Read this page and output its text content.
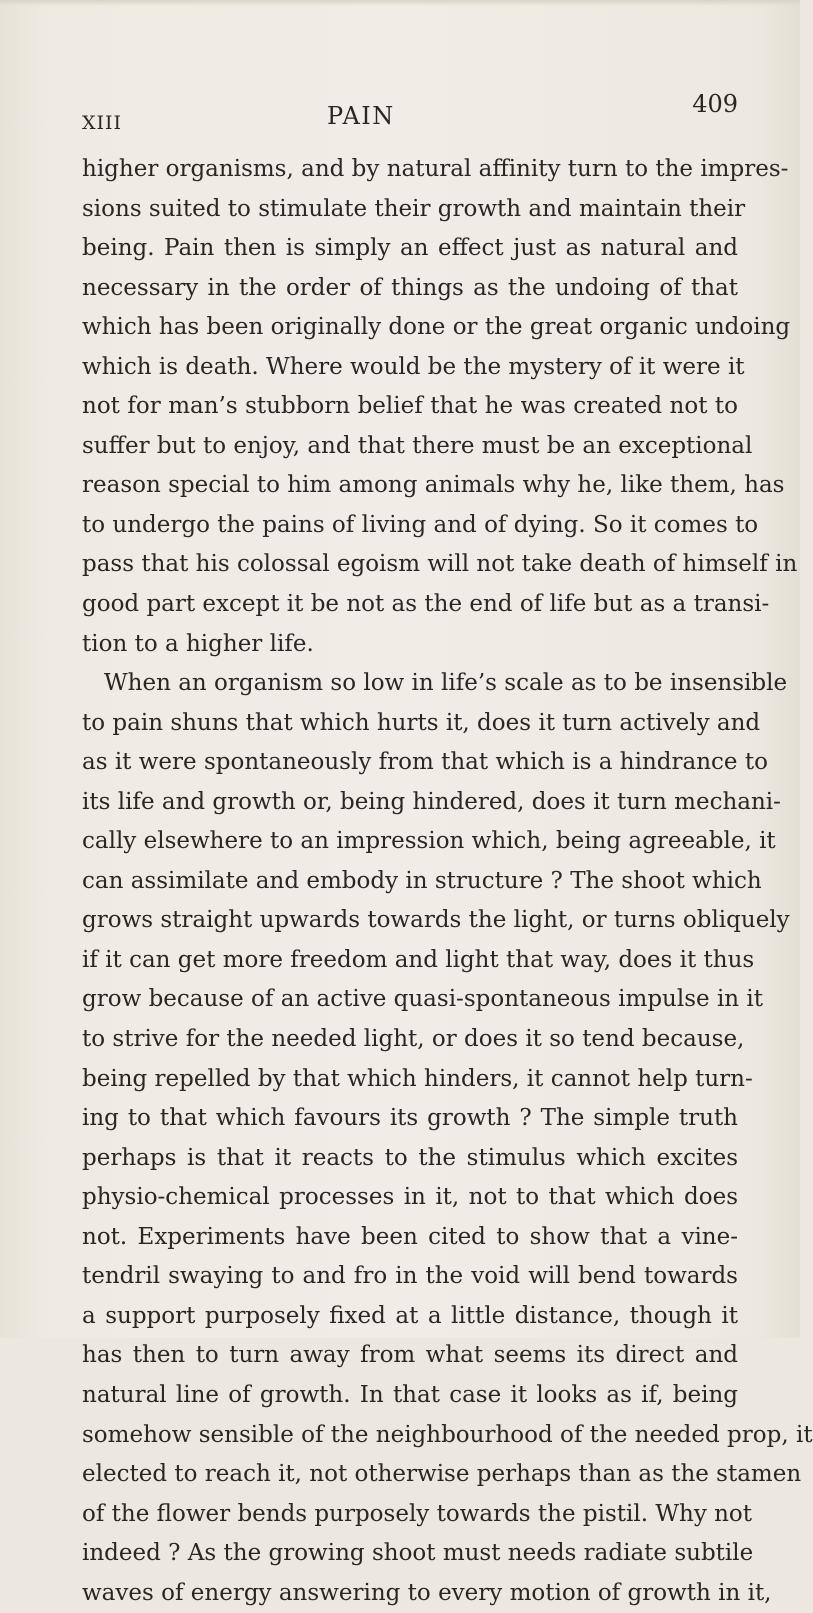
XIII	PAIN	409
higher organisms, and by natural affinity turn to the impres-
sions suited to stimulate their growth and maintain their
being. Pain then is simply an effect just as natural and
necessary in the order of things as the undoing of that
which has been originally done or the great organic undoing
which is death. Where would be the mystery of it were it
not for man’s stubborn belief that he was created not to
suffer but to enjoy, and that there must be an exceptional
reason special to him among animals why he, like them, has
to undergo the pains of living and of dying. So it comes to
pass that his colossal egoism will not take death of himself in
good part except it be not as the end of life but as a transi-
tion to a higher life.
When an organism so low in life’s scale as to be insensible
to pain shuns that which hurts it, does it turn actively and
as it were spontaneously from that which is a hindrance to
its life and growth or, being hindered, does it turn mechani-
cally elsewhere to an impression which, being agreeable, it
can assimilate and embody in structure ? The shoot which
grows straight upwards towards the light, or turns obliquely
if it can get more freedom and light that way, does it thus
grow because of an active quasi-spontaneous impulse in it
to strive for the needed light, or does it so tend because,
being repelled by that which hinders, it cannot help turn-
ing to that which favours its growth ? The simple truth
perhaps is that it reacts to the stimulus which excites
physio-chemical processes in it, not to that which does
not. Experiments have been cited to show that a vine-
tendril swaying to and fro in the void will bend towards
a support purposely fixed at a little distance, though it
has then to turn away from what seems its direct and
natural line of growth. In that case it looks as if, being
somehow sensible of the neighbourhood of the needed prop, it
elected to reach it, not otherwise perhaps than as the stamen
of the flower bends purposely towards the pistil. Why not
indeed ? As the growing shoot must needs radiate subtile
waves of energy answering to every motion of growth in it,
